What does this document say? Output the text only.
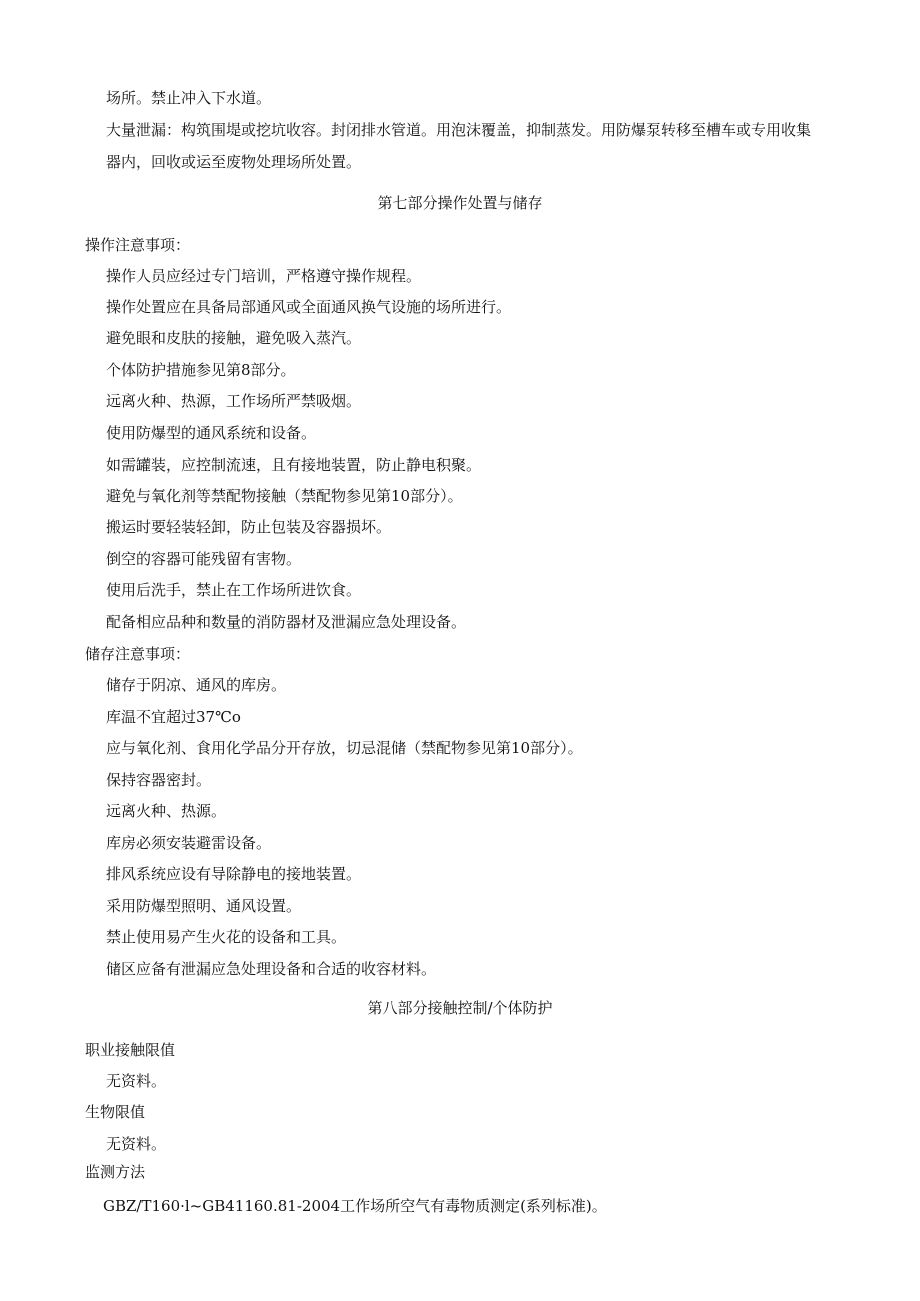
场所。禁止冲入下水道。
大量泄漏：构筑围堤或挖坑收容。封闭排水管道。用泡沫覆盖，抑制蒸发。用防爆泵转移至槽车或专用收集
器内，回收或运至废物处理场所处置。
第七部分操作处置与储存
操作注意事项：
操作人员应经过专门培训，严格遵守操作规程。
操作处置应在具备局部通风或全面通风换气设施的场所进行。
避免眼和皮肤的接触，避免吸入蒸汽。
个体防护措施参见第8部分。
远离火种、热源，工作场所严禁吸烟。
使用防爆型的通风系统和设备。
如需罐装，应控制流速，且有接地装置，防止静电积聚。
避免与氧化剂等禁配物接触（禁配物参见第10部分）。
搬运时要轻装轻卸，防止包装及容器损坏。
倒空的容器可能残留有害物。
使用后洗手，禁止在工作场所进饮食。
配备相应品种和数量的消防器材及泄漏应急处理设备。
储存注意事项：
储存于阴凉、通风的库房。
库温不宜超过37℃o
应与氧化剂、食用化学品分开存放，切忌混储（禁配物参见第10部分）。
保持容器密封。
远离火种、热源。
库房必须安装避雷设备。
排风系统应设有导除静电的接地装置。
采用防爆型照明、通风设置。
禁止使用易产生火花的设备和工具。
储区应备有泄漏应急处理设备和合适的收容材料。
第八部分接触控制/个体防护
职业接触限值
无资料。
生物限值
无资料。
监测方法
GBZ/T160·l~GB41160.81-2004工作场所空气有毒物质测定(系列标准)。
